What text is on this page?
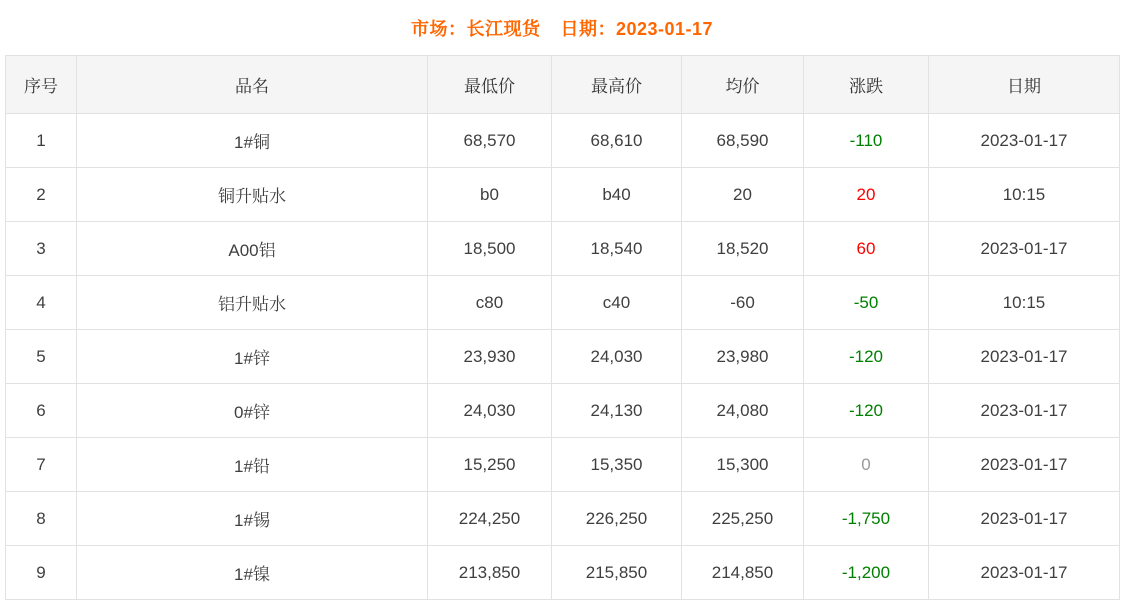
市场：长江现货 日期：2023-01-17
序号	品名	最低价	最高价	均价	涨跌	日期
1	1#铜	68,570	68,610	68,590	-110	2023-01-17
2	铜升贴水	b0	b40	20	20	10:15
3	A00铝	18,500	18,540	18,520	60	2023-01-17
4	铝升贴水	c80	c40	-60	-50	10:15
5	1#锌	23,930	24,030	23,980	-120	2023-01-17
6	0#锌	24,030	24,130	24,080	-120	2023-01-17
7	1#铅	15,250	15,350	15,300	0	2023-01-17
8	1#锡	224,250	226,250	225,250	-1,750	2023-01-17
9	1#镍	213,850	215,850	214,850	-1,200	2023-01-17
